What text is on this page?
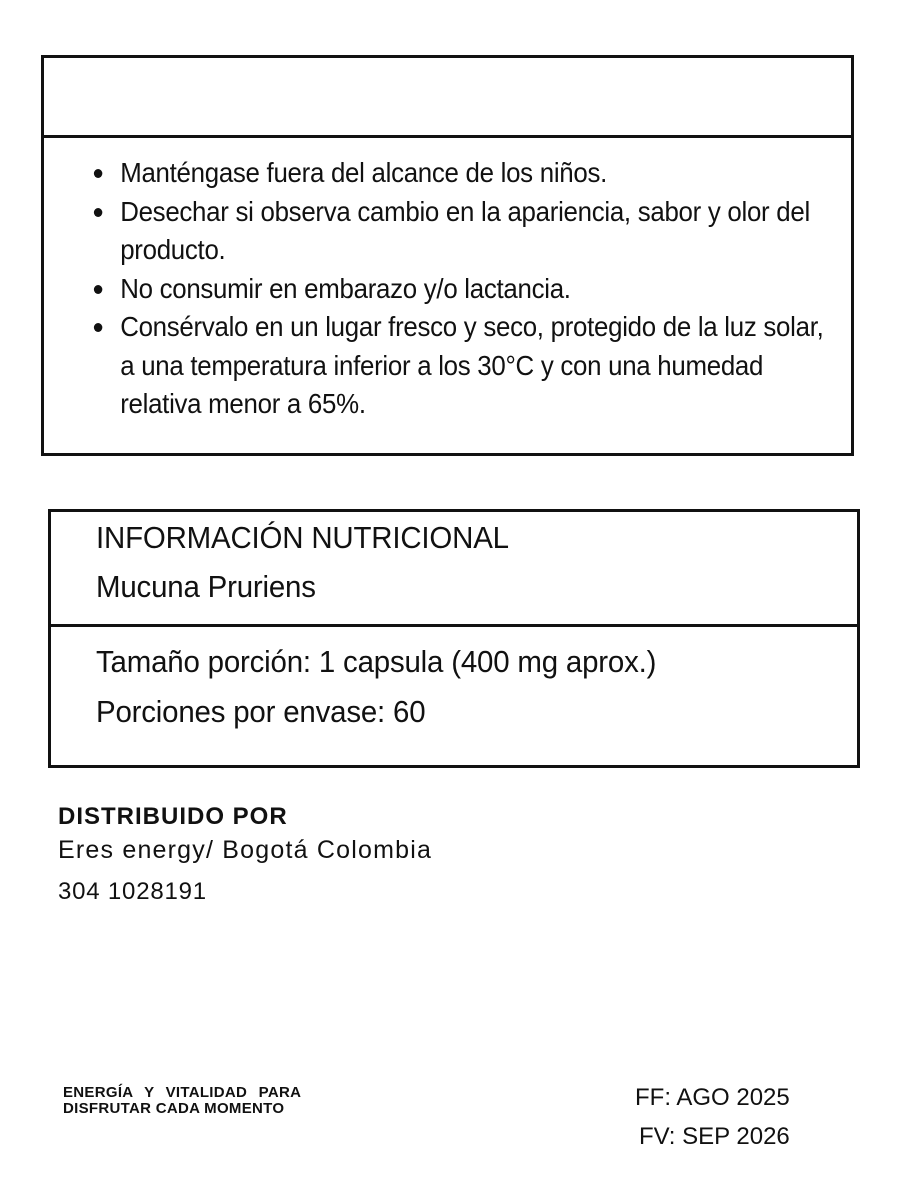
Manténgase fuera del alcance de los niños.
Desechar si observa cambio en la apariencia, sabor y olor del producto.
No consumir en embarazo y/o lactancia.
Consérvalo en un lugar fresco y seco, protegido de la luz solar, a una temperatura inferior a los 30°C y con una humedad relativa menor a 65%.
INFORMACIÓN NUTRICIONAL
Mucuna Pruriens
Tamaño porción: 1 capsula (400 mg aprox.)
Porciones por envase: 60
DISTRIBUIDO POR
Eres energy/ Bogotá Colombia
304 1028191
ENERGÍA Y VITALIDAD PARA
DISFRUTAR CADA MOMENTO	FF: AGO 2025
FV: SEP 2026
